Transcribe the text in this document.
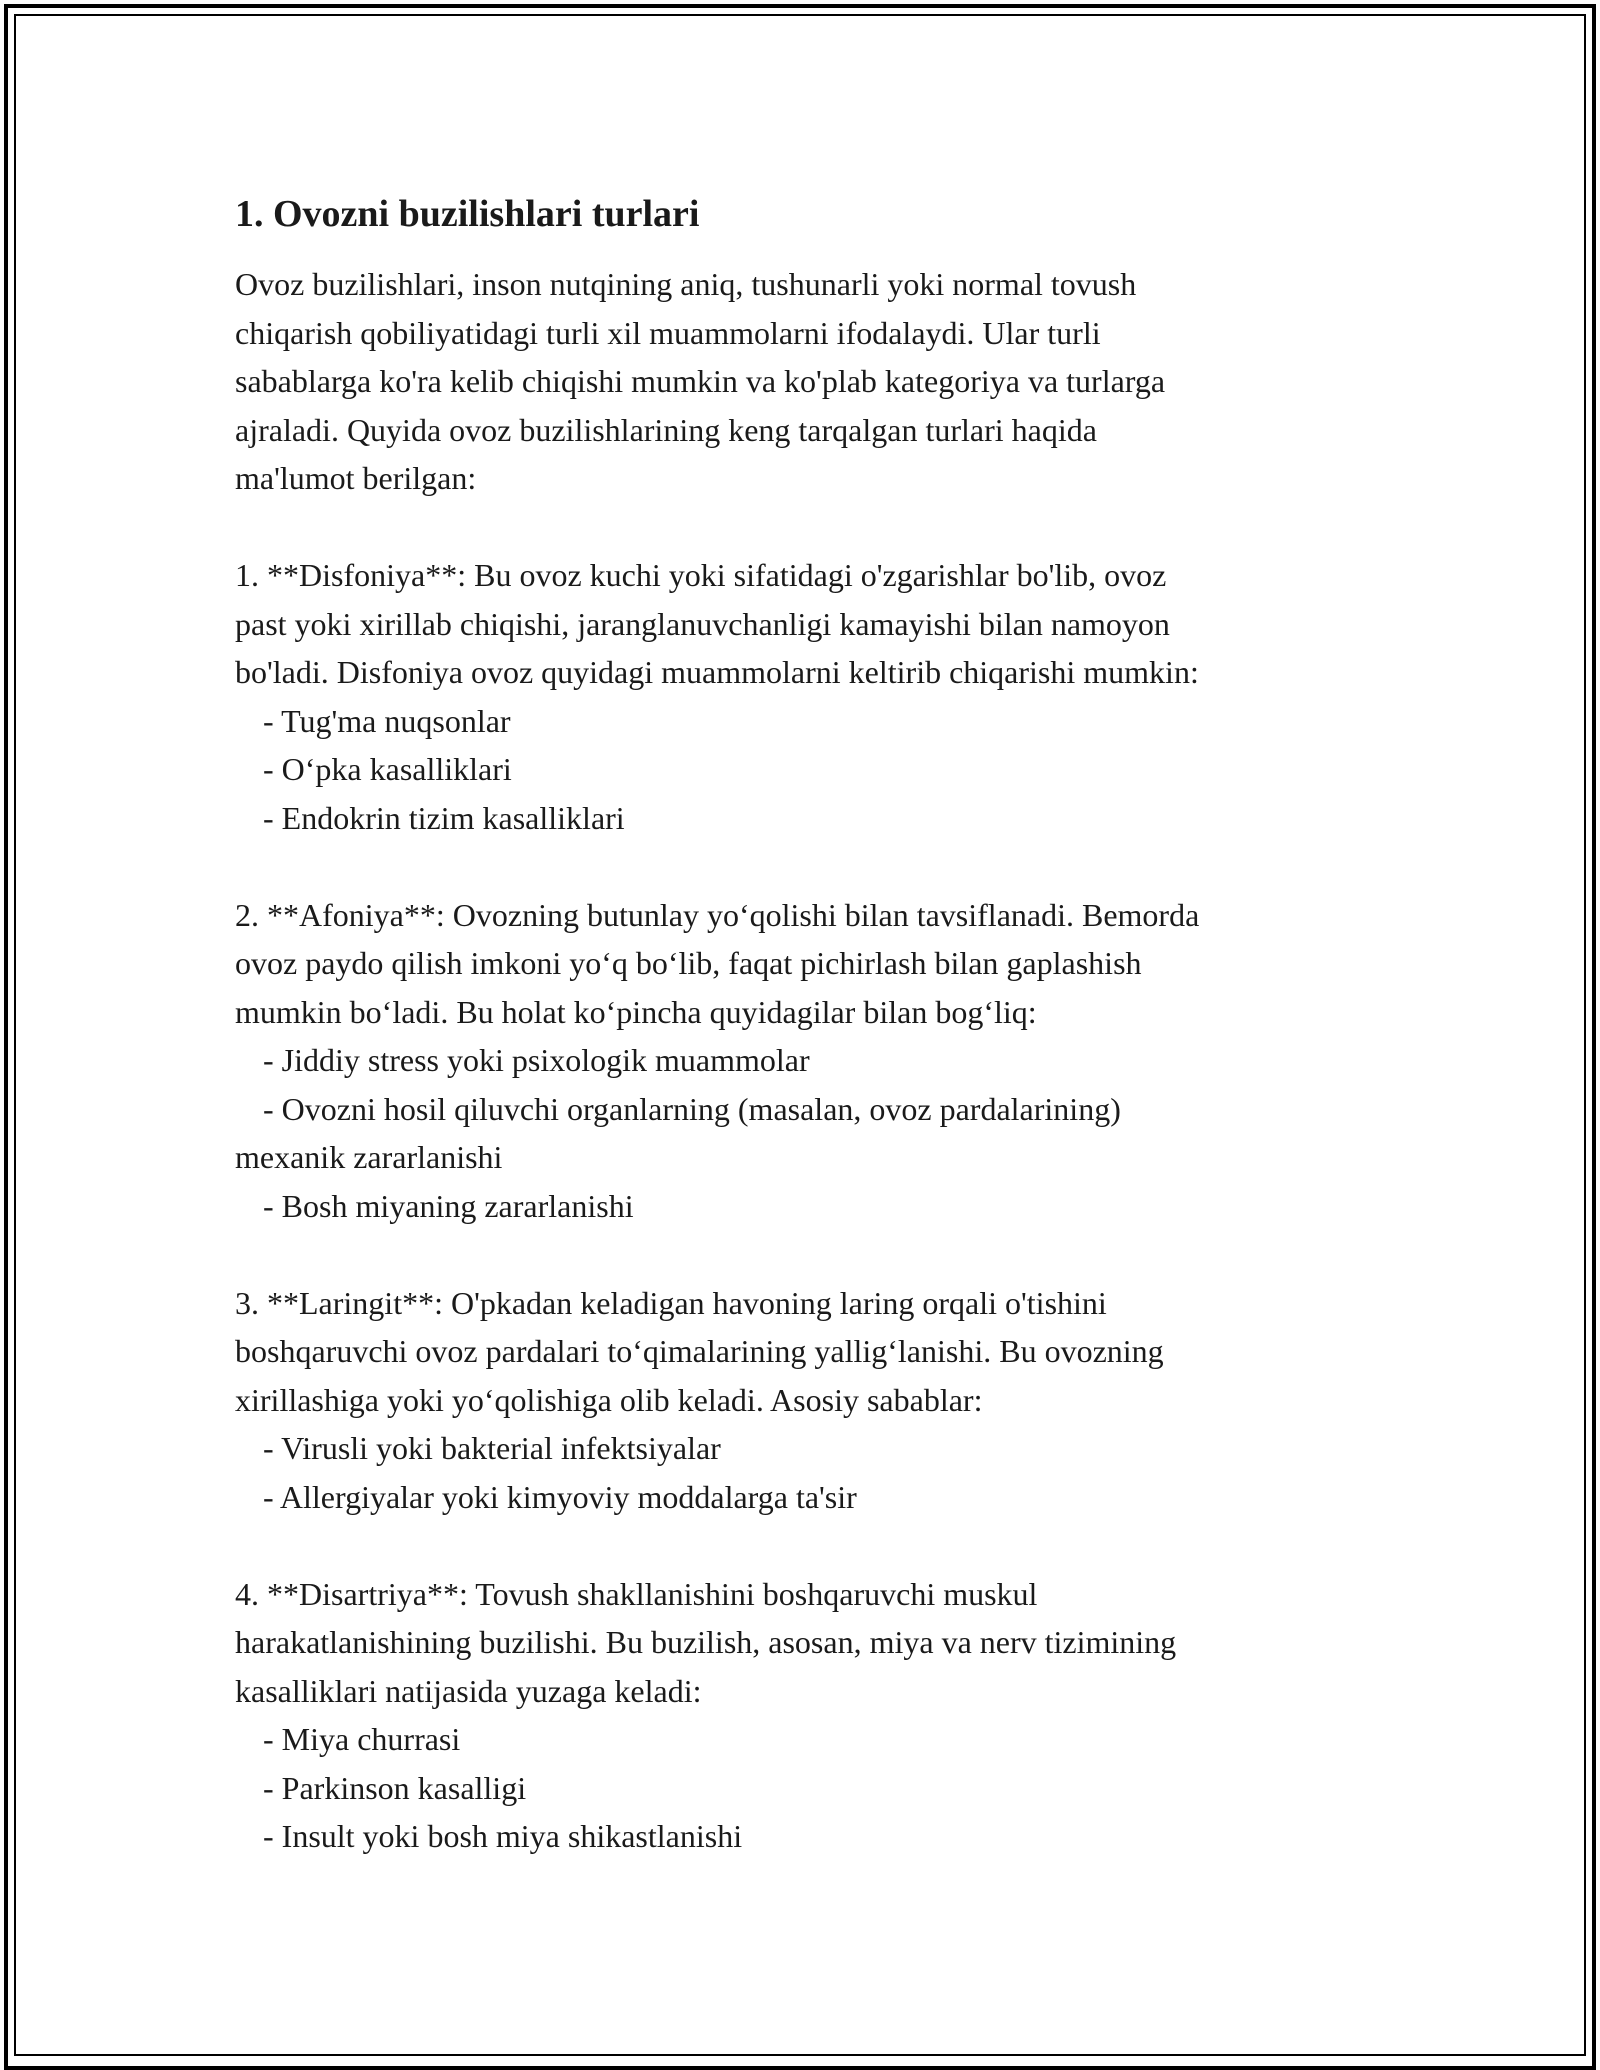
1. Ovozni buzilishlari turlari

Ovoz buzilishlari, inson nutqining aniq, tushunarli yoki normal tovush

chiqarish qobiliyatidagi turli xil muammolarni ifodalaydi. Ular turli

sabablarga ko'ra kelib chiqishi mumkin va ko'plab kategoriya va turlarga

ajraladi. Quyida ovoz buzilishlarining keng tarqalgan turlari haqida

ma'lumot berilgan:

1. **Disfoniya**: Bu ovoz kuchi yoki sifatidagi o'zgarishlar bo'lib, ovoz

past yoki xirillab chiqishi, jaranglanuvchanligi kamayishi bilan namoyon

bo'ladi. Disfoniya ovoz quyidagi muammolarni keltirib chiqarishi mumkin:

- Tug'ma nuqsonlar

- O‘pka kasalliklari

- Endokrin tizim kasalliklari

2. **Afoniya**: Ovozning butunlay yo‘qolishi bilan tavsiflanadi. Bemorda

ovoz paydo qilish imkoni yo‘q bo‘lib, faqat pichirlash bilan gaplashish

mumkin bo‘ladi. Bu holat ko‘pincha quyidagilar bilan bog‘liq:

- Jiddiy stress yoki psixologik muammolar

- Ovozni hosil qiluvchi organlarning (masalan, ovoz pardalarining)

mexanik zararlanishi

- Bosh miyaning zararlanishi

3. **Laringit**: O'pkadan keladigan havoning laring orqali o'tishini

boshqaruvchi ovoz pardalari to‘qimalarining yallig‘lanishi. Bu ovozning

xirillashiga yoki yo‘qolishiga olib keladi. Asosiy sabablar:

- Virusli yoki bakterial infektsiyalar

- Allergiyalar yoki kimyoviy moddalarga ta'sir

4. **Disartriya**: Tovush shakllanishini boshqaruvchi muskul

harakatlanishining buzilishi. Bu buzilish, asosan, miya va nerv tizimining

kasalliklari natijasida yuzaga keladi:

- Miya churrasi

- Parkinson kasalligi

- Insult yoki bosh miya shikastlanishi
